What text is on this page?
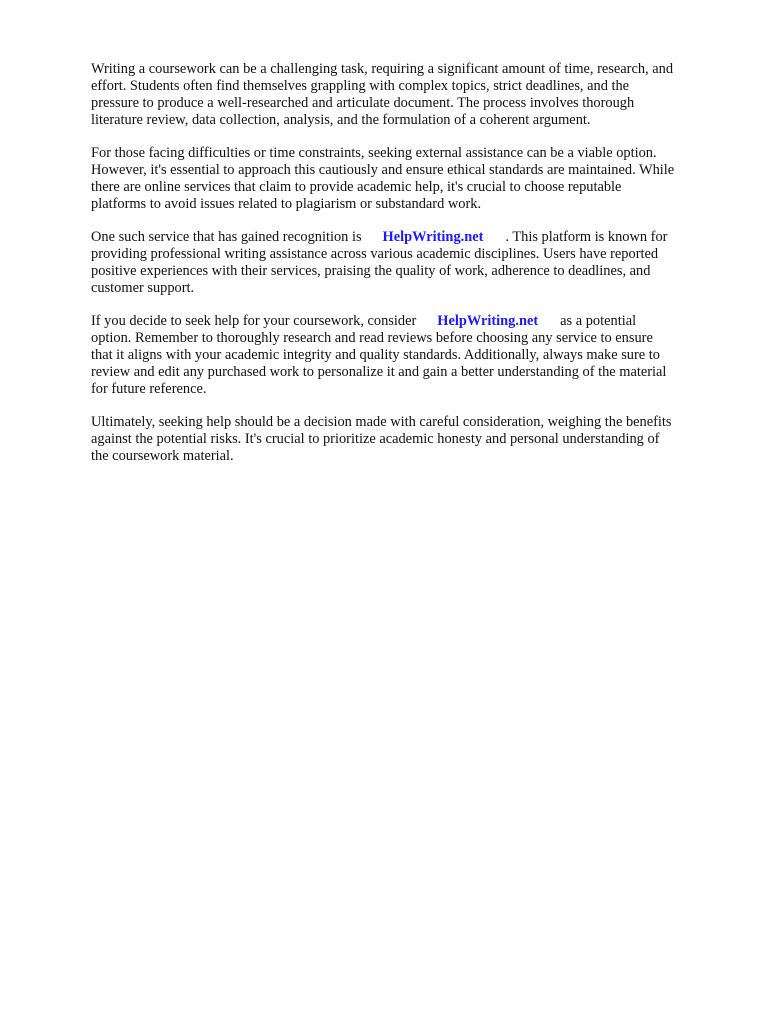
Writing a coursework can be a challenging task, requiring a significant amount of time, research, and
effort. Students often find themselves grappling with complex topics, strict deadlines, and the
pressure to produce a well-researched and articulate document. The process involves thorough
literature review, data collection, analysis, and the formulation of a coherent argument.

For those facing difficulties or time constraints, seeking external assistance can be a viable option.
However, it's essential to approach this cautiously and ensure ethical standards are maintained. While
there are online services that claim to provide academic help, it's crucial to choose reputable
platforms to avoid issues related to plagiarism or substandard work.

One such service that has gained recognition is HelpWriting.net . This platform is known for
providing professional writing assistance across various academic disciplines. Users have reported
positive experiences with their services, praising the quality of work, adherence to deadlines, and
customer support.

If you decide to seek help for your coursework, consider HelpWriting.net as a potential
option. Remember to thoroughly research and read reviews before choosing any service to ensure
that it aligns with your academic integrity and quality standards. Additionally, always make sure to
review and edit any purchased work to personalize it and gain a better understanding of the material
for future reference.

Ultimately, seeking help should be a decision made with careful consideration, weighing the benefits
against the potential risks. It's crucial to prioritize academic honesty and personal understanding of
the coursework material.
